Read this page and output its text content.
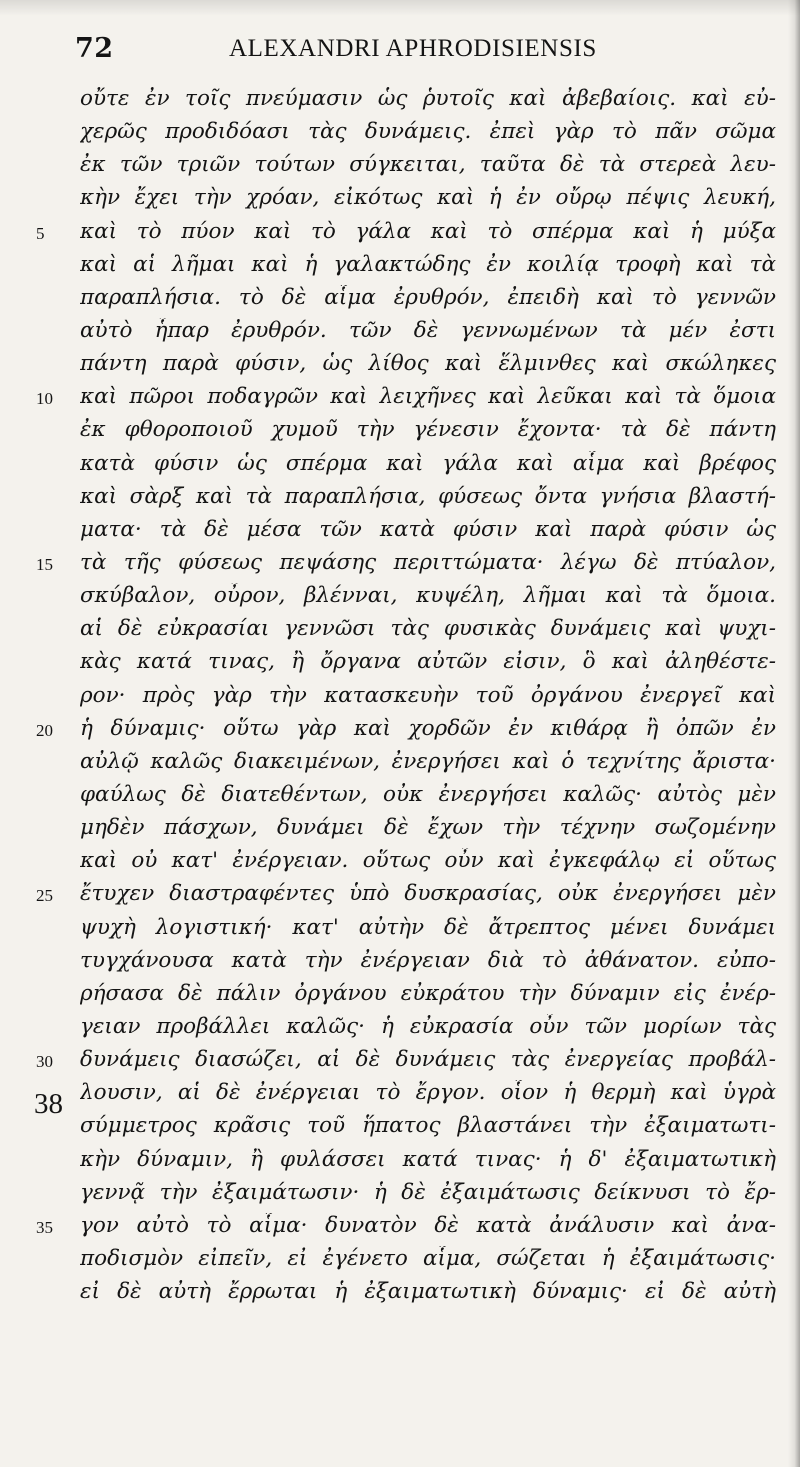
72	ALEXANDRI APHRODISIENSIS
38
οὔτε ἐν τοῖς πνεύμασιν ὡς ῥυτοῖς καὶ ἀβεβαίοις. καὶ εὐ-
χερῶς προδιδόασι τὰς δυνάμεις. ἐπεὶ γὰρ τὸ πᾶν σῶμα
ἐκ τῶν τριῶν τούτων σύγκειται, ταῦτα δὲ τὰ στερεὰ λευ-
κὴν ἔχει τὴν χρόαν, εἰκότως καὶ ἡ ἐν οὔρῳ πέψις λευκή,
5	καὶ τὸ πύον καὶ τὸ γάλα καὶ τὸ σπέρμα καὶ ἡ μύξα
καὶ αἱ λῆμαι καὶ ἡ γαλακτώδης ἐν κοιλίᾳ τροφὴ καὶ τὰ
παραπλήσια. τὸ δὲ αἷμα ἐρυθρόν, ἐπειδὴ καὶ τὸ γεννῶν
αὐτὸ ἧπαρ ἐρυθρόν. τῶν δὲ γεννωμένων τὰ μέν ἐστι
πάντη παρὰ φύσιν, ὡς λίθος καὶ ἕλμινθες καὶ σκώληκες
10	καὶ πῶροι ποδαγρῶν καὶ λειχῆνες καὶ λεῦκαι καὶ τὰ ὅμοια
ἐκ φθοροποιοῦ χυμοῦ τὴν γένεσιν ἔχοντα· τὰ δὲ πάντη
κατὰ φύσιν ὡς σπέρμα καὶ γάλα καὶ αἷμα καὶ βρέφος
καὶ σὰρξ καὶ τὰ παραπλήσια, φύσεως ὄντα γνήσια βλαστή-
ματα· τὰ δὲ μέσα τῶν κατὰ φύσιν καὶ παρὰ φύσιν ὡς
15	τὰ τῆς φύσεως πεψάσης περιττώματα· λέγω δὲ πτύαλον,
σκύβαλον, οὖρον, βλένναι, κυψέλη, λῆμαι καὶ τὰ ὅμοια.
αἱ δὲ εὐκρασίαι γεννῶσι τὰς φυσικὰς δυνάμεις καὶ ψυχι-
κὰς κατά τινας, ἢ ὄργανα αὐτῶν εἰσιν, ὃ καὶ ἀληθέστε-
ρον· πρὸς γὰρ τὴν κατασκευὴν τοῦ ὀργάνου ἐνεργεῖ καὶ
20	ἡ δύναμις· οὕτω γὰρ καὶ χορδῶν ἐν κιθάρᾳ ἢ ὀπῶν ἐν
αὐλῷ καλῶς διακειμένων, ἐνεργήσει καὶ ὁ τεχνίτης ἄριστα·
φαύλως δὲ διατεθέντων, οὐκ ἐνεργήσει καλῶς· αὐτὸς μὲν
μηδὲν πάσχων, δυνάμει δὲ ἔχων τὴν τέχνην σωζομένην
καὶ οὐ κατ' ἐνέργειαν. οὕτως οὖν καὶ ἐγκεφάλῳ εἰ οὕτως
25	ἔτυχεν διαστραφέντες ὑπὸ δυσκρασίας, οὐκ ἐνεργήσει μὲν
ψυχὴ λογιστική· κατ' αὐτὴν δὲ ἄτρεπτος μένει δυνάμει
τυγχάνουσα κατὰ τὴν ἐνέργειαν διὰ τὸ ἀθάνατον. εὐπο-
ρήσασα δὲ πάλιν ὀργάνου εὐκράτου τὴν δύναμιν εἰς ἐνέρ-
γειαν προβάλλει καλῶς· ἡ εὐκρασία οὖν τῶν μορίων τὰς
30	δυνάμεις διασώζει, αἱ δὲ δυνάμεις τὰς ἐνεργείας προβάλ-
λουσιν, αἱ δὲ ἐνέργειαι τὸ ἔργον. οἷον ἡ θερμὴ καὶ ὑγρὰ
σύμμετρος κρᾶσις τοῦ ἥπατος βλαστάνει τὴν ἐξαιματωτι-
κὴν δύναμιν, ἢ φυλάσσει κατά τινας· ἡ δ' ἐξαιματωτικὴ
γεννᾷ τὴν ἐξαιμάτωσιν· ἡ δὲ ἐξαιμάτωσις δείκνυσι τὸ ἔρ-
35	γον αὐτὸ τὸ αἷμα· δυνατὸν δὲ κατὰ ἀνάλυσιν καὶ ἀνα-
ποδισμὸν εἰπεῖν, εἰ ἐγένετο αἷμα, σώζεται ἡ ἐξαιμάτωσις·
εἰ δὲ αὐτὴ ἔρρωται ἡ ἐξαιματωτικὴ δύναμις· εἰ δὲ αὐτὴ
